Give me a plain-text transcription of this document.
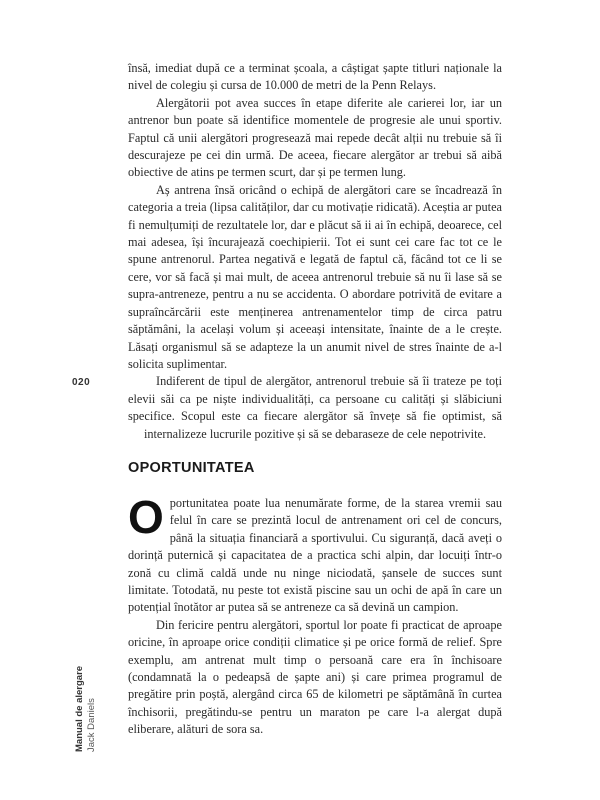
020
Manual de alergare Jack Daniels

însă, imediat după ce a terminat școala, a câștigat șapte titluri naționale la nivel de colegiu și cursa de 10.000 de metri de la Penn Relays.

Alergătorii pot avea succes în etape diferite ale carierei lor, iar un antrenor bun poate să identifice momentele de progresie ale unui sportiv. Faptul că unii alergători progresează mai repede decât alții nu trebuie să îi descurajeze pe cei din urmă. De aceea, fiecare alergător ar trebui să aibă obiective de atins pe termen scurt, dar și pe termen lung.

Aș antrena însă oricând o echipă de alergători care se încadrează în categoria a treia (lipsa calităților, dar cu motivație ridicată). Aceștia ar putea fi nemulțumiți de rezultatele lor, dar e plăcut să ii ai în echipă, deoarece, cel mai adesea, își încurajează coechipierii. Tot ei sunt cei care fac tot ce le spune antrenorul. Partea negativă e legată de faptul că, făcând tot ce li se cere, vor să facă și mai mult, de aceea antrenorul trebuie să nu îi lase să se supra-antreneze, pentru a nu se accidenta. O abordare potrivită de evitare a supraîncărcării este menținerea antrenamentelor timp de circa patru săptămâni, la același volum și aceeași intensitate, înainte de a le crește. Lăsați organismul să se adapteze la un anumit nivel de stres înainte de a-l solicita suplimentar.

Indiferent de tipul de alergător, antrenorul trebuie să îi trateze pe toți elevii săi ca pe niște individualități, ca persoane cu calități și slăbiciuni specifice. Scopul este ca fiecare alergător să învețe să fie optimist, să internalizeze lucrurile pozitive și să se debaraseze de cele nepotrivite.

OPORTUNITATEA

Oportunitatea poate lua nenumărate forme, de la starea vremii sau felul în care se prezintă locul de antrenament ori cel de concurs, până la situația financiară a sportivului. Cu siguranță, dacă aveți o dorință puternică și capacitatea de a practica schi alpin, dar locuiți într-o zonă cu climă caldă unde nu ninge niciodată, șansele de succes sunt limitate. Totodată, nu peste tot există piscine sau un ochi de apă în care un potențial înotător ar putea să se antreneze ca să devină un campion.

Din fericire pentru alergători, sportul lor poate fi practicat de aproape oricine, în aproape orice condiții climatice și pe orice formă de relief. Spre exemplu, am antrenat mult timp o persoană care era în închisoare (condamnată la o pedeapsă de șapte ani) și care primea programul de pregătire prin poștă, alergând circa 65 de kilometri pe săptămână în curtea închisorii, pregătindu-se pentru un maraton pe care l-a alergat după eliberare, alături de sora sa.
